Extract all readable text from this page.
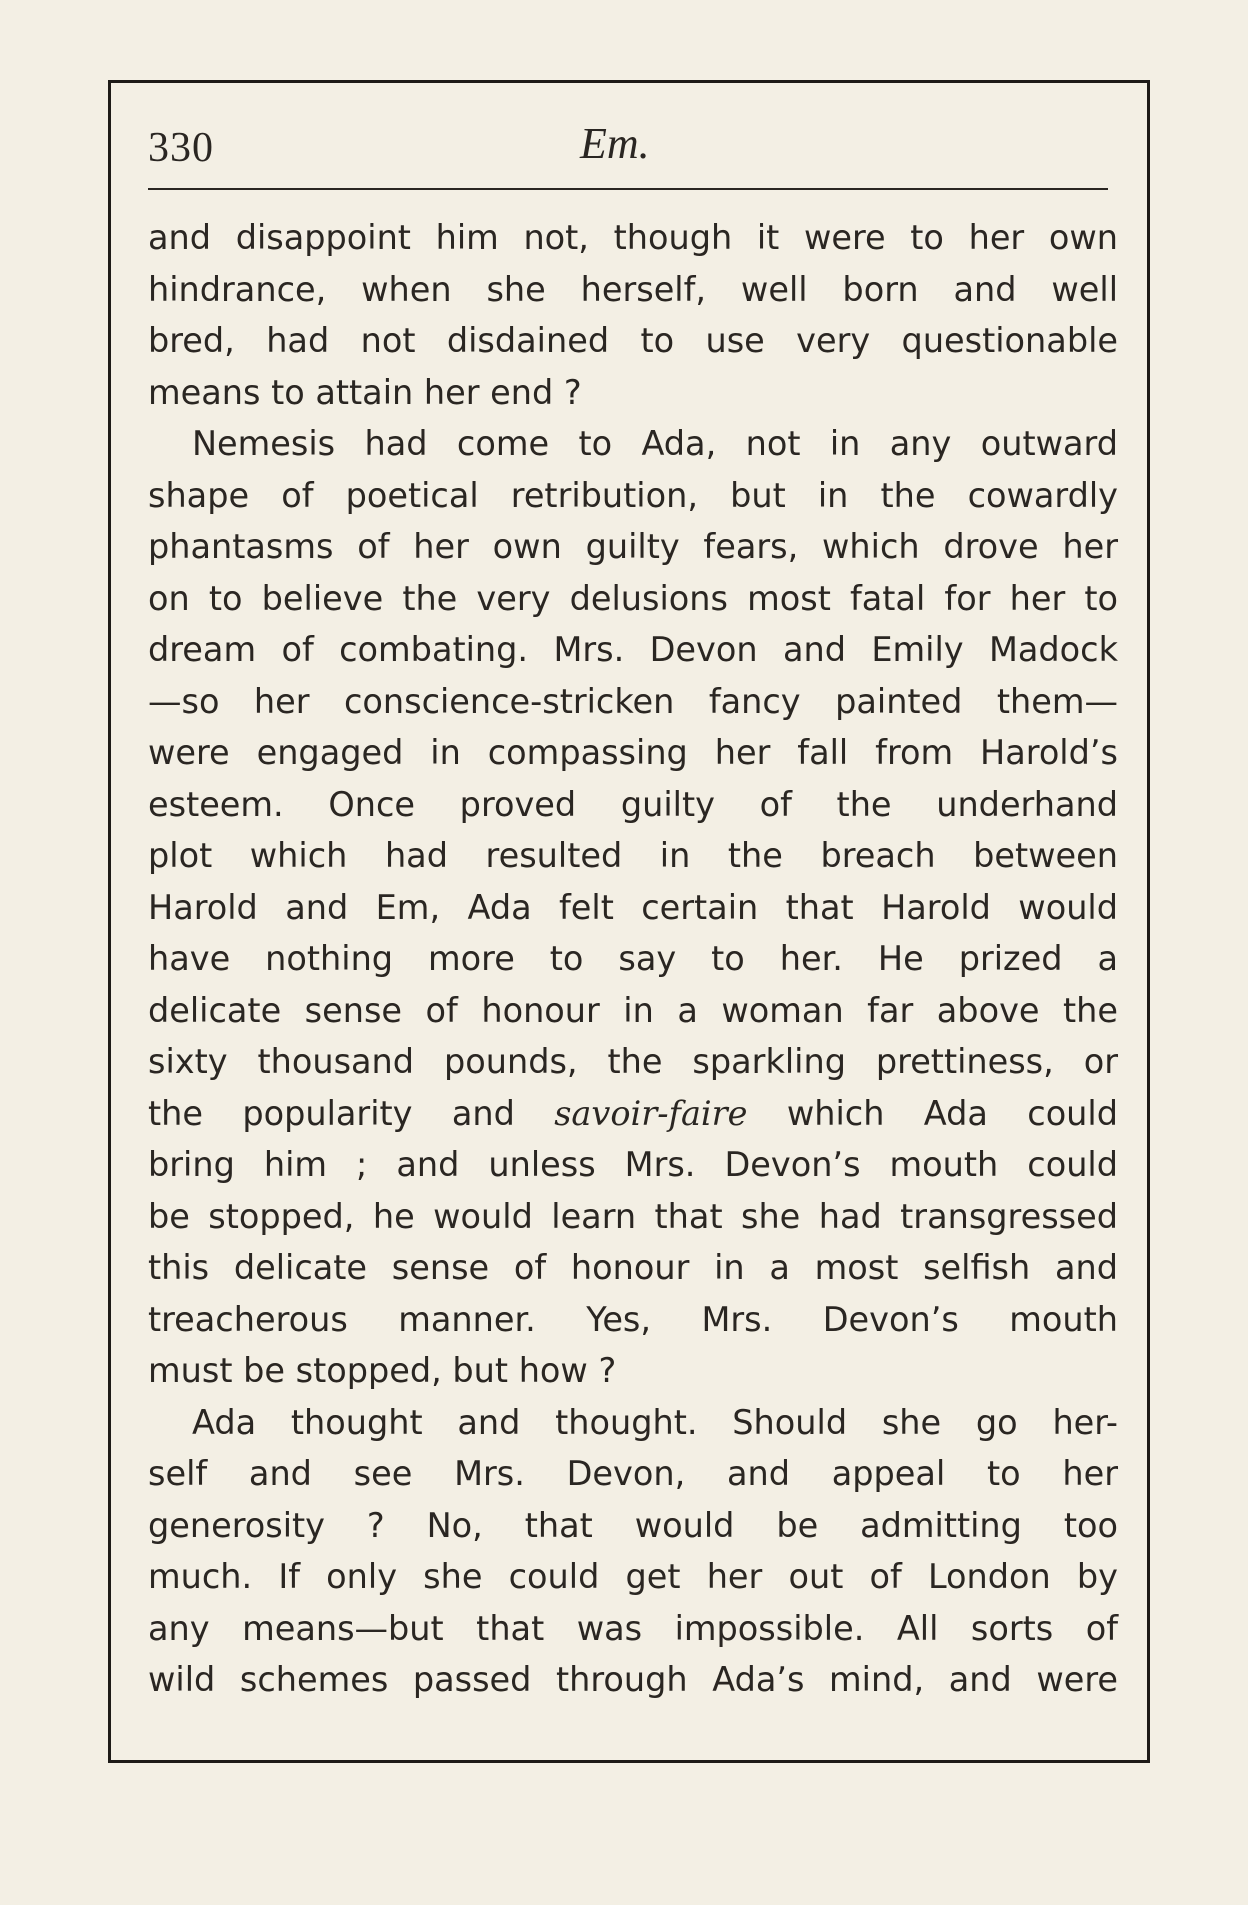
330	Em.
and disappoint him not, though it were to her own
hindrance, when she herself, well born and well
bred, had not disdained to use very questionable
means to attain her end ?
Nemesis had come to Ada, not in any outward
shape of poetical retribution, but in the cowardly
phantasms of her own guilty fears, which drove her
on to believe the very delusions most fatal for her to
dream of combating. Mrs. Devon and Emily Madock
—so her conscience-stricken fancy painted them—
were engaged in compassing her fall from Harold’s
esteem. Once proved guilty of the underhand
plot which had resulted in the breach between
Harold and Em, Ada felt certain that Harold would
have nothing more to say to her. He prized a
delicate sense of honour in a woman far above the
sixty thousand pounds, the sparkling prettiness, or
the popularity and savoir-faire which Ada could
bring him ; and unless Mrs. Devon’s mouth could
be stopped, he would learn that she had transgressed
this delicate sense of honour in a most selfish and
treacherous manner. Yes, Mrs. Devon’s mouth
must be stopped, but how ?
Ada thought and thought. Should she go her-
self and see Mrs. Devon, and appeal to her
generosity ? No, that would be admitting too
much. If only she could get her out of London by
any means—but that was impossible. All sorts of
wild schemes passed through Ada’s mind, and were
